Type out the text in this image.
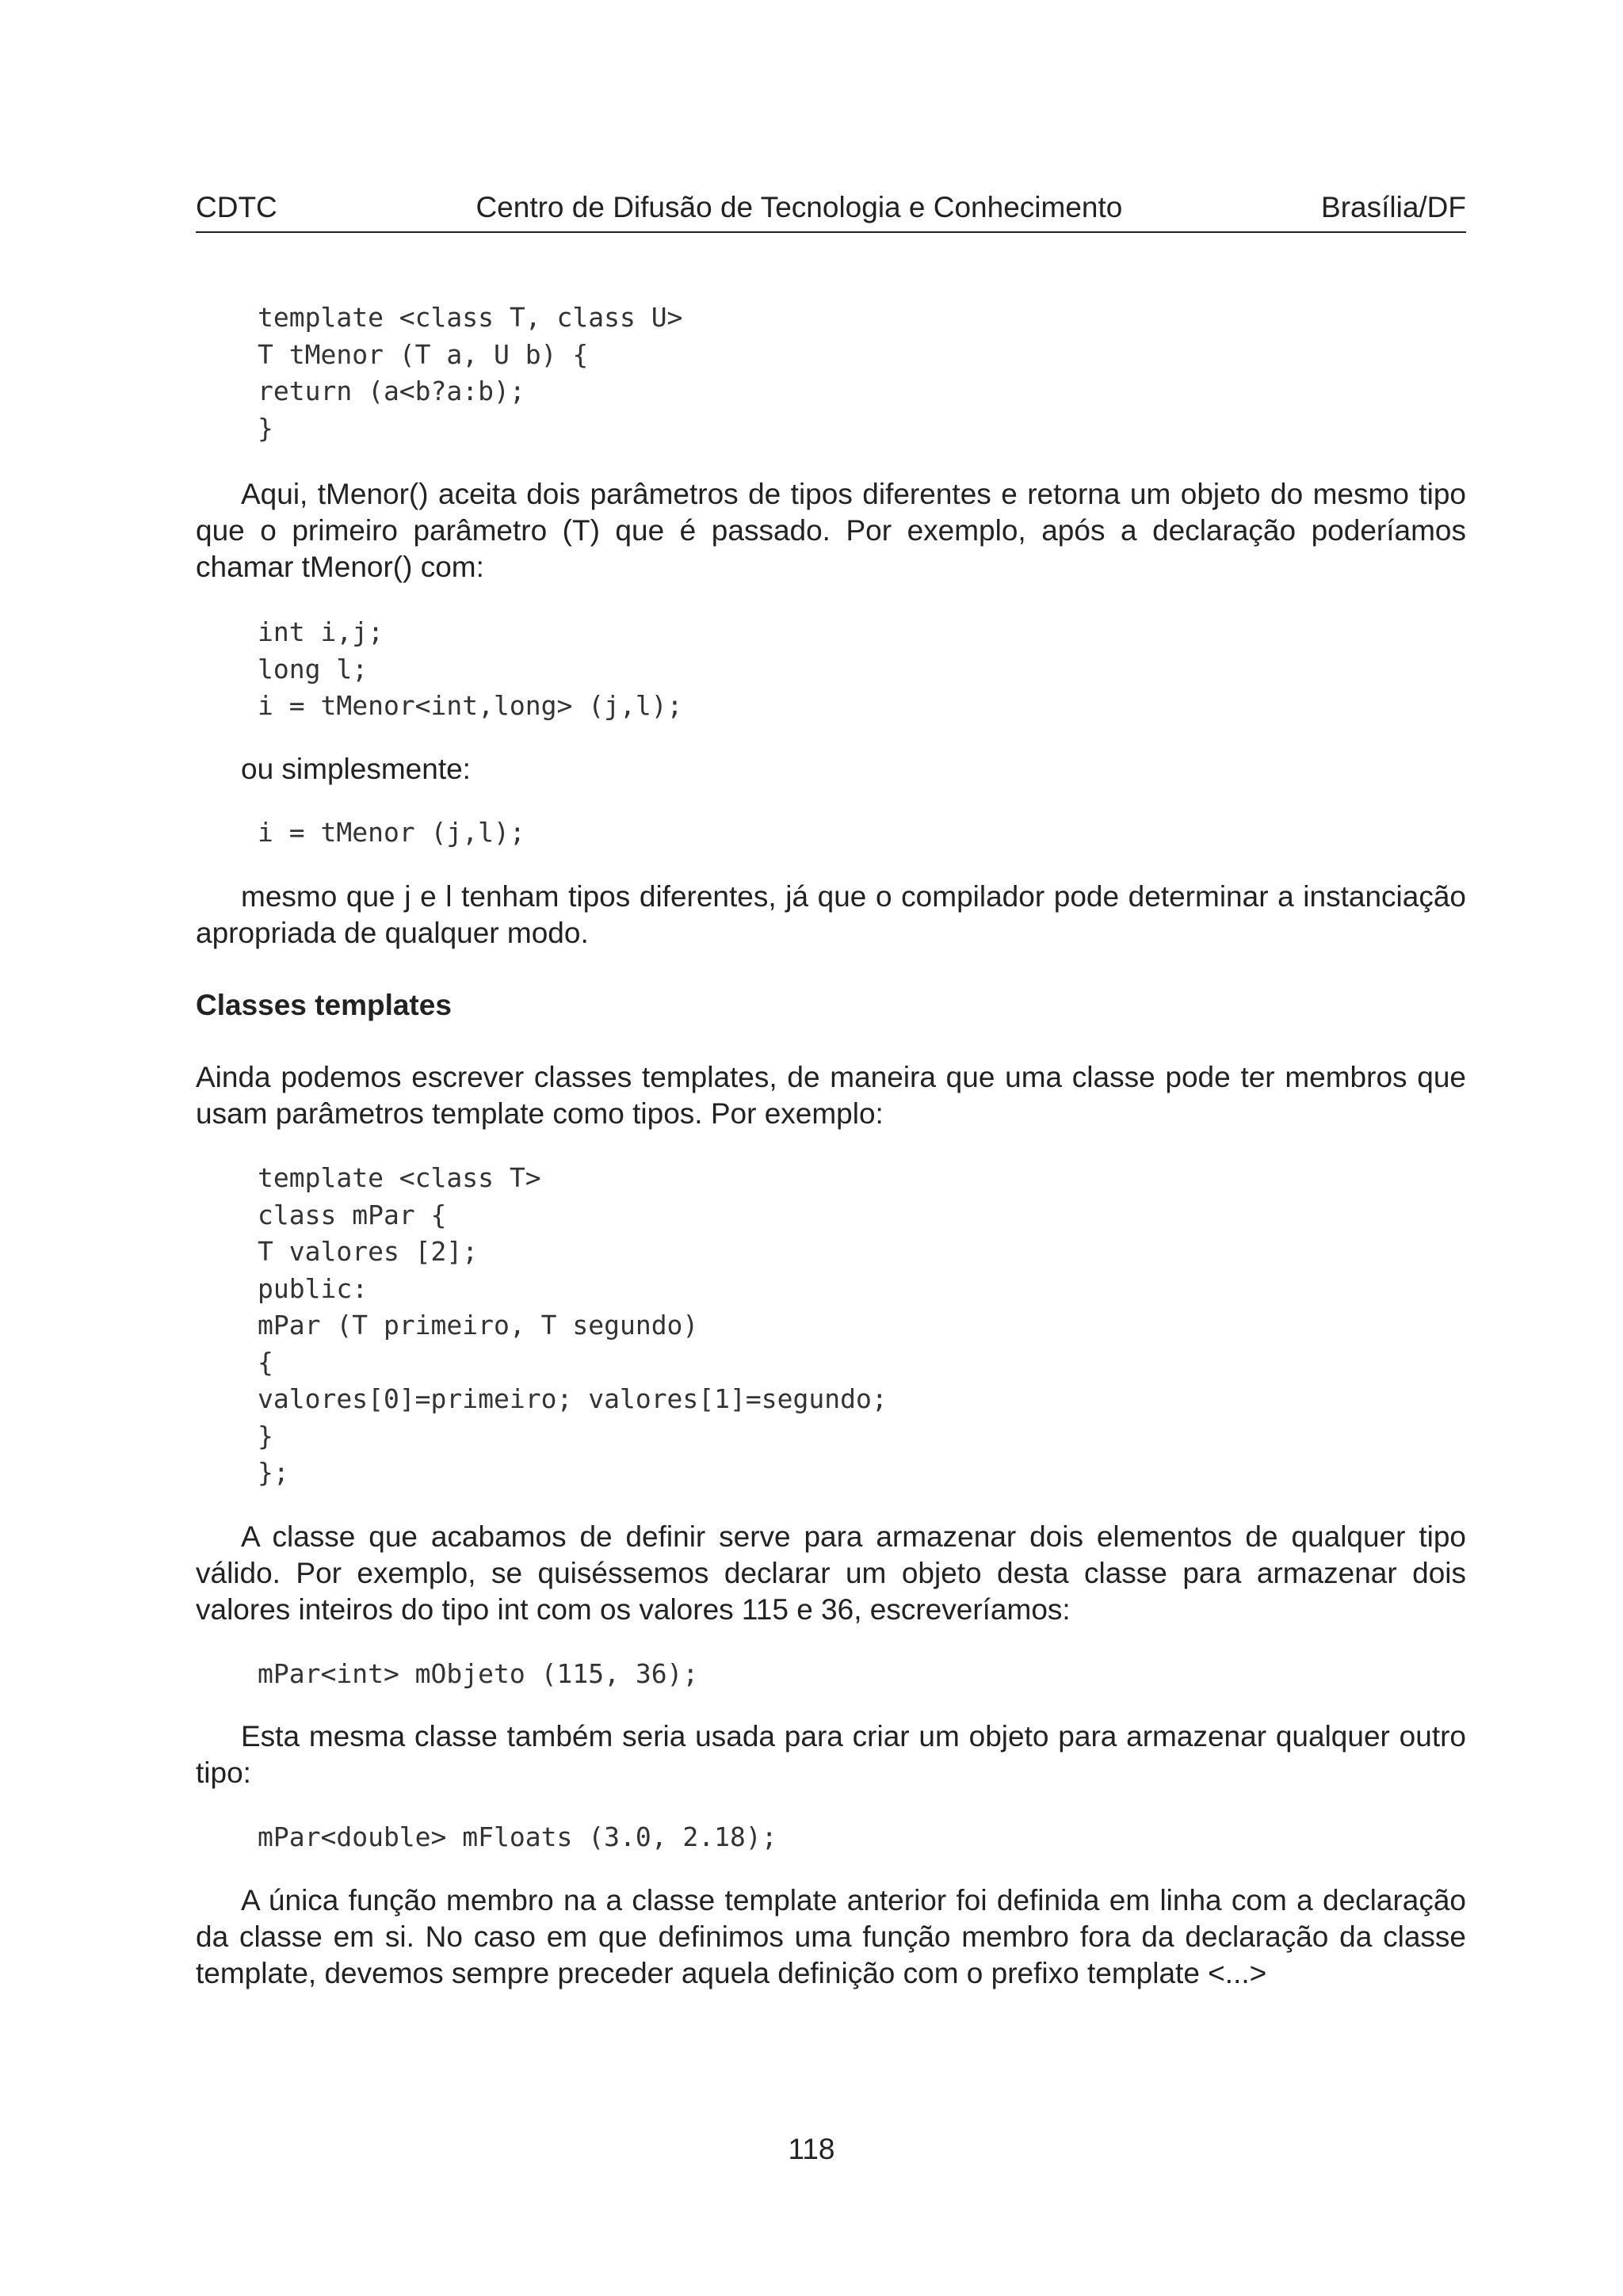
CDTC	Centro de Difusão de Tecnologia e Conhecimento	Brasília/DF
template <class T, class U>
T tMenor (T a, U b) {
return (a<b?a:b);
}

Aqui, tMenor() aceita dois parâmetros de tipos diferentes e retorna um objeto do mesmo tipo que o primeiro parâmetro (T) que é passado. Por exemplo, após a declaração poderíamos chamar tMenor() com:

int i,j;
long l;
i = tMenor<int,long> (j,l);

ou simplesmente:

i = tMenor (j,l);

mesmo que j e l tenham tipos diferentes, já que o compilador pode determinar a instanciação apropriada de qualquer modo.

Classes templates

Ainda podemos escrever classes templates, de maneira que uma classe pode ter membros que usam parâmetros template como tipos. Por exemplo:

template <class T>
class mPar {
T valores [2];
public:
mPar (T primeiro, T segundo)
{
valores[0]=primeiro; valores[1]=segundo;
}
};

A classe que acabamos de definir serve para armazenar dois elementos de qualquer tipo válido. Por exemplo, se quiséssemos declarar um objeto desta classe para armazenar dois valores inteiros do tipo int com os valores 115 e 36, escreveríamos:

mPar<int> mObjeto (115, 36);

Esta mesma classe também seria usada para criar um objeto para armazenar qualquer outro tipo:

mPar<double> mFloats (3.0, 2.18);

A única função membro na a classe template anterior foi definida em linha com a declaração da classe em si. No caso em que definimos uma função membro fora da declaração da classe template, devemos sempre preceder aquela definição com o prefixo template <...>

118
